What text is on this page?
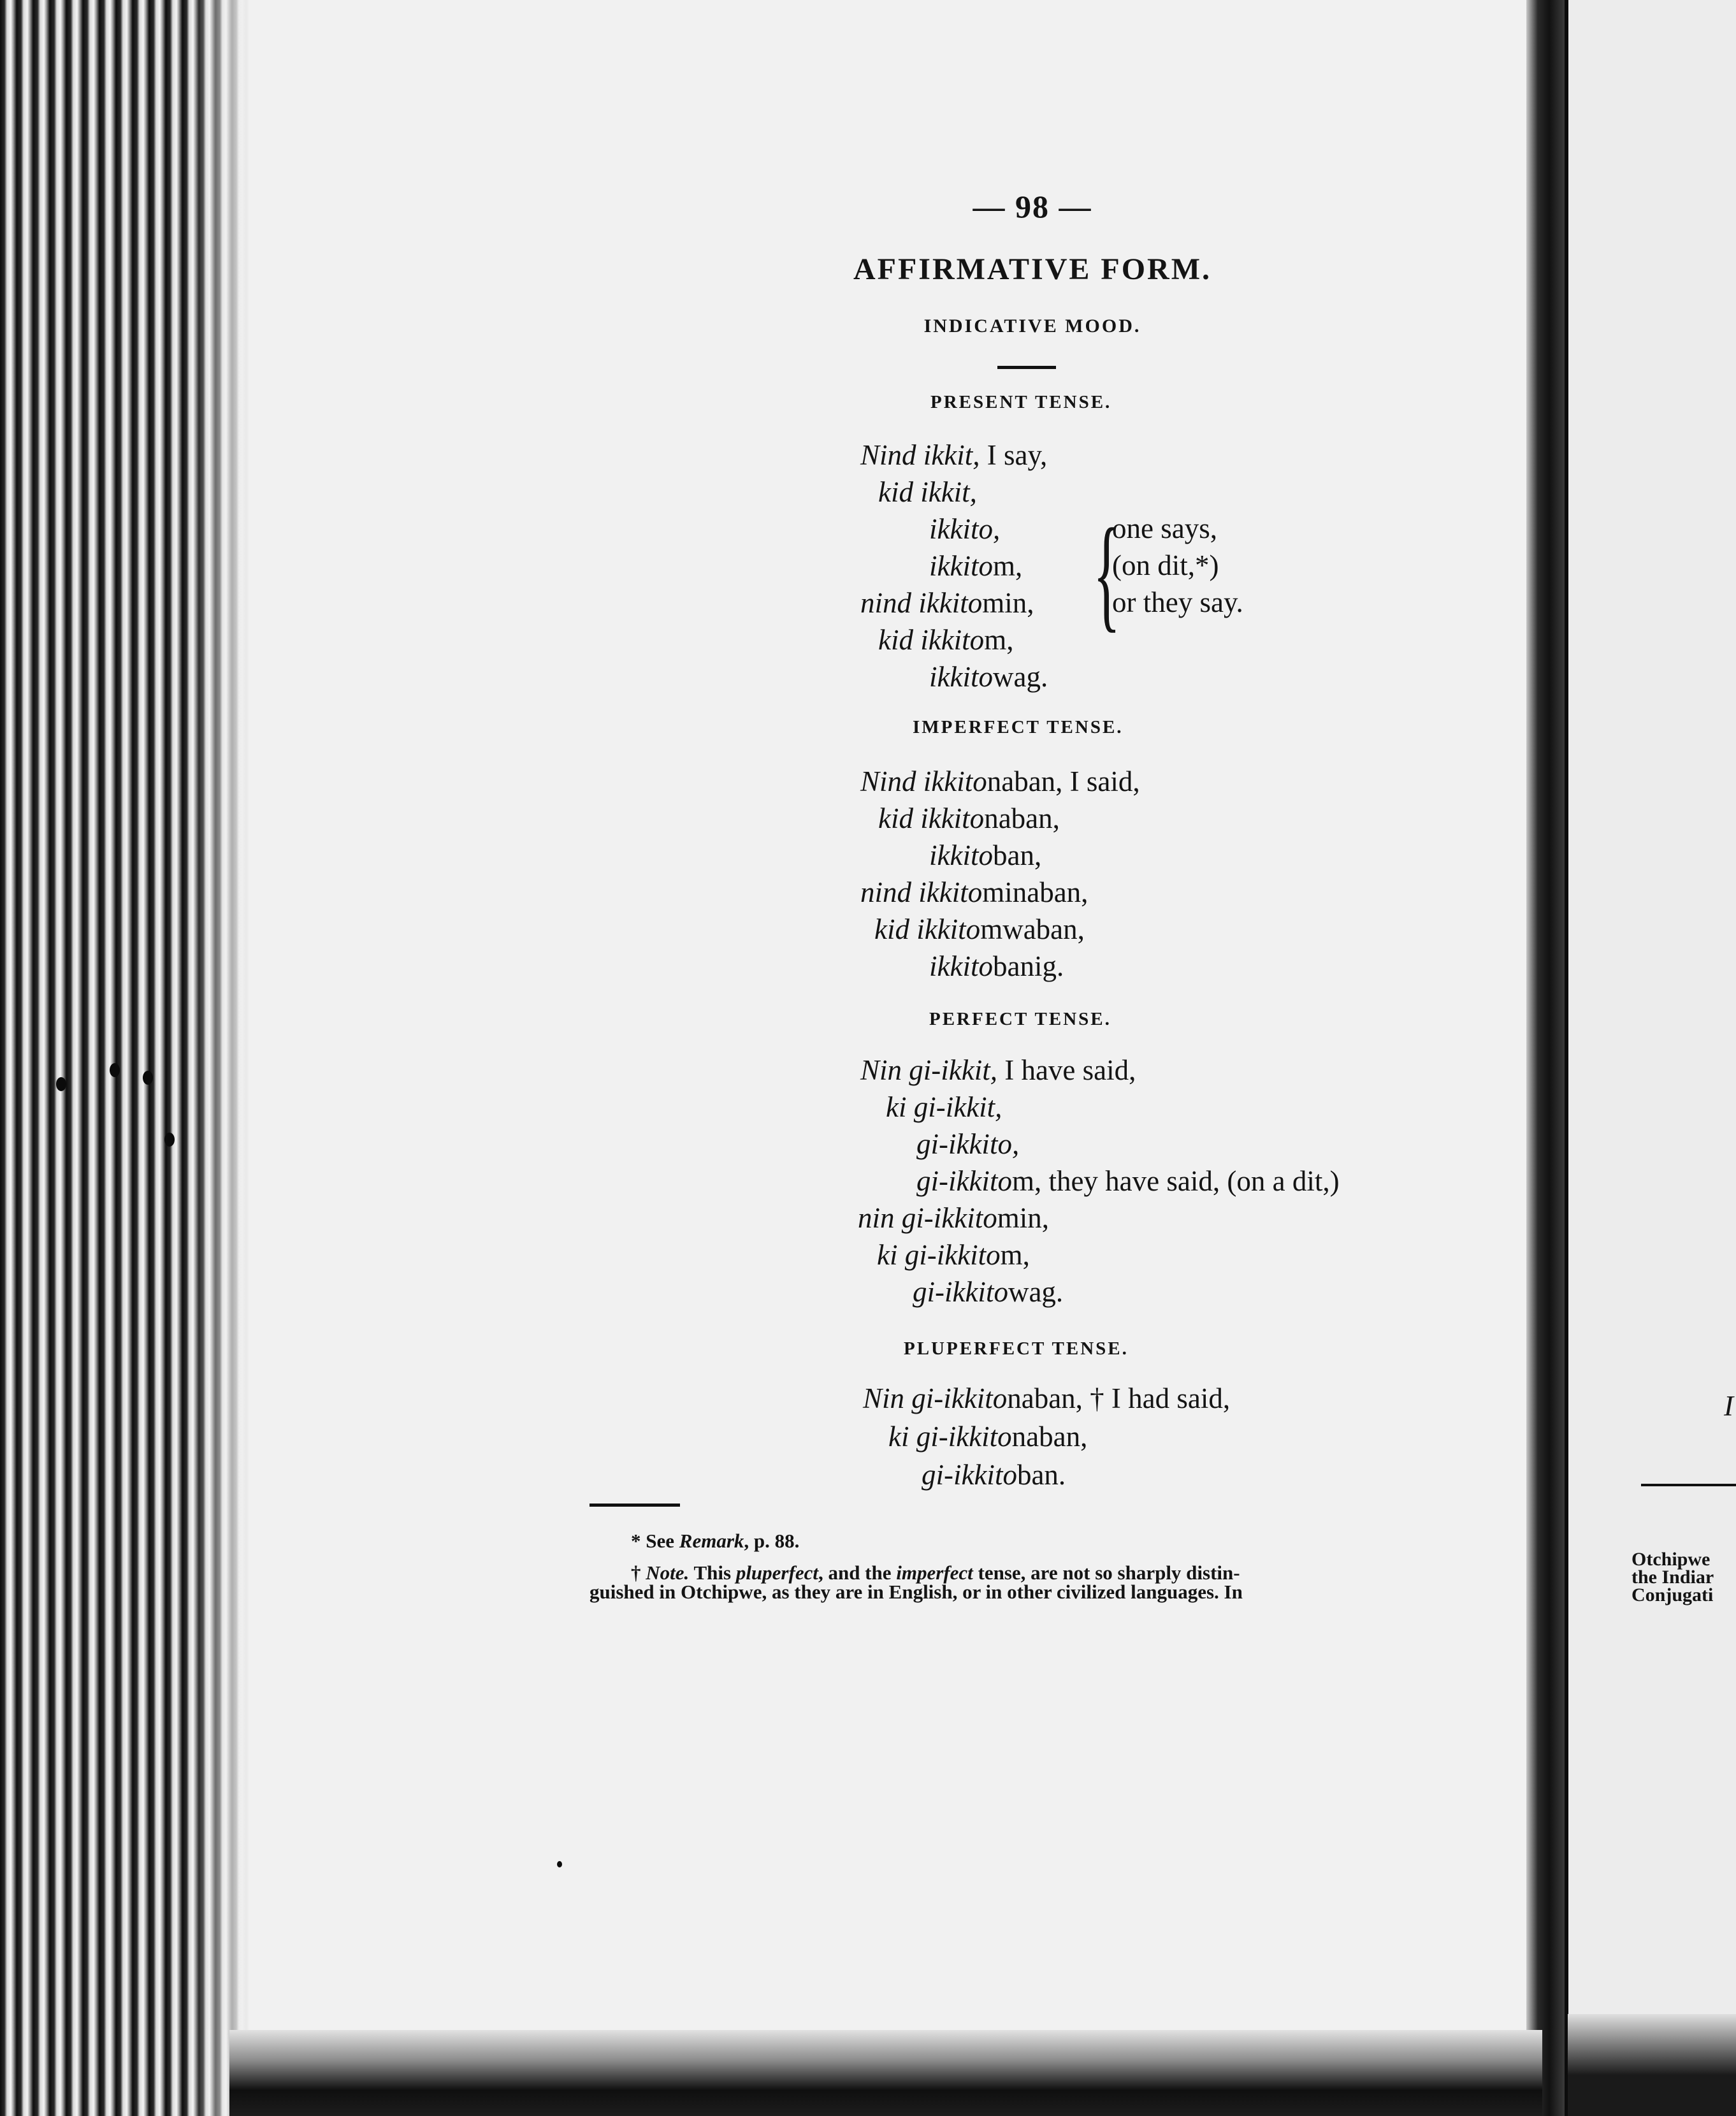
— 98 —
AFFIRMATIVE FORM.
INDICATIVE MOOD.
PRESENT TENSE.
Nind ikkit, I say,
kid ikkit,
ikkito,
ikkitom,
nind ikkitomin,
kid ikkitom,
ikkitowag.
{
one says,
(on dit,*)
or they say.
IMPERFECT TENSE.
Nind ikkitonaban, I said,
kid ikkitonaban,
ikkitoban,
nind ikkitominaban,
kid ikkitomwaban,
ikkitobanig.
PERFECT TENSE.
Nin gi-ikkit, I have said,
ki gi-ikkit,
gi-ikkito,
gi-ikkitom, they have said, (on a dit,)
nin gi-ikkitomin,
ki gi-ikkitom,
gi-ikkitowag.
PLUPERFECT TENSE.
Nin gi-ikkitonaban, † I had said,
ki gi-ikkitonaban,
gi-ikkitoban.
* See Remark, p. 88.
† Note. This pluperfect, and the imperfect tense, are not so sharply distin-
guished in Otchipwe, as they are in English, or in other civilized languages. In
Otchipwe
the Indiar
Conjugati
I
